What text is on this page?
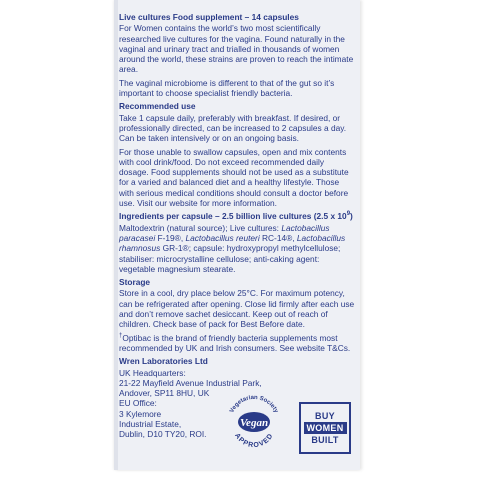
Live cultures Food supplement – 14 capsules

For Women contains the world’s two most scientifically researched live cultures for the vagina. Found naturally in the vaginal and urinary tract and trialled in thousands of women around the world, these strains are proven to reach the intimate area.

The vaginal microbiome is different to that of the gut so it’s important to choose specialist friendly bacteria.

Recommended use

Take 1 capsule daily, preferably with breakfast. If desired, or professionally directed, can be increased to 2 capsules a day. Can be taken intensively or on an ongoing basis.

For those unable to swallow capsules, open and mix contents with cool drink/food. Do not exceed recommended daily dosage. Food supplements should not be used as a substitute for a varied and balanced diet and a healthy lifestyle. Those with serious medical conditions should consult a doctor before use. Visit our website for more information.

Ingredients per capsule – 2.5 billion live cultures (2.5 x $10^9$)

Maltodextrin (natural source); Live cultures: Lactobacillus paracasei F-19®, Lactobacillus reuteri RC-14®, Lactobacillus rhamnosus GR-1®; capsule: hydroxypropyl methylcellulose; stabiliser: microcrystalline cellulose; anti-caking agent: vegetable magnesium stearate.

Storage

Store in a cool, dry place below 25°C. For maximum potency, can be refrigerated after opening. Close lid firmly after each use and don’t remove sachet desiccant. Keep out of reach of children. Check base of pack for Best Before date.

†Optibac is the brand of friendly bacteria supplements most recommended by UK and Irish consumers. See website T&Cs.

Wren Laboratories Ltd
UK Headquarters:
21-22 Mayfield Avenue Industrial Park,
Andover, SP11 8HU, UK
EU Office:
3 Kylemore
Industrial Estate,
Dublin, D10 TY20, ROI.
Vegetarian Society
Vegan
APPROVED
BUY
WOMEN
BUILT
